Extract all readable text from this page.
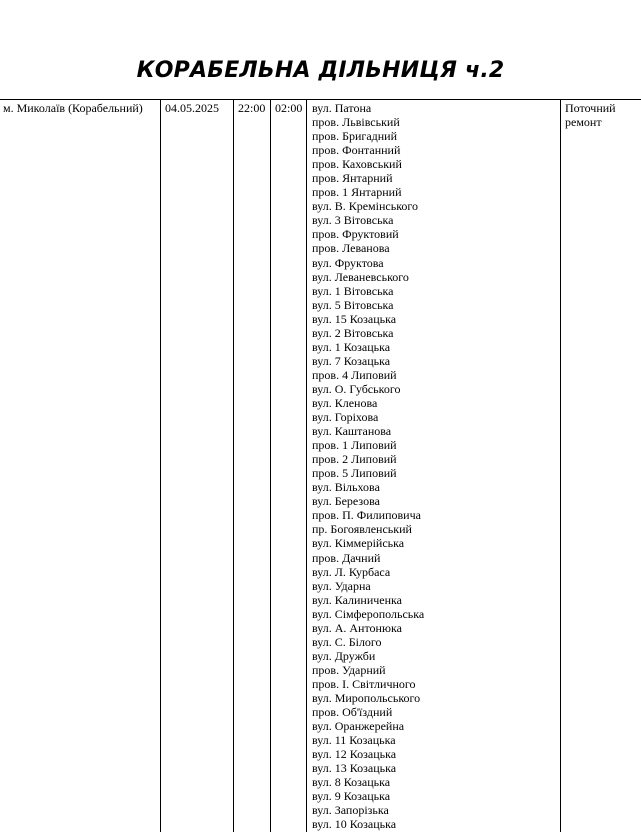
КОРАБЕЛЬНА ДІЛЬНИЦЯ ч.2
м. Миколаїв (Корабельний) 04.05.2025 22:00 02:00 вул. Патона
пров. Львівський
пров. Бригадний
пров. Фонтанний
пров. Каховський
пров. Янтарний
пров. 1 Янтарний
вул. В. Кремінського
вул. 3 Вітовська
пров. Фруктовий
пров. Леванова
вул. Фруктова
вул. Леваневського
вул. 1 Вітовська
вул. 5 Вітовська
вул. 15 Козацька
вул. 2 Вітовська
вул. 1 Козацька
вул. 7 Козацька
пров. 4 Липовий
вул. О. Губського
вул. Кленова
вул. Горіхова
вул. Каштанова
пров. 1 Липовий
пров. 2 Липовий
пров. 5 Липовий
вул. Вільхова
вул. Березова
пров. П. Филиповича
пр. Богоявленський
вул. Кіммерійська
пров. Дачний
вул. Л. Курбаса
вул. Ударна
вул. Калиниченка
вул. Сімферопольська
вул. А. Антонюка
вул. С. Білого
вул. Дружби
пров. Ударний
пров. І. Світличного
вул. Миропольського
пров. Об'їздний
вул. Оранжерейна
вул. 11 Козацька
вул. 12 Козацька
вул. 13 Козацька
вул. 8 Козацька
вул. 9 Козацька
вул. Запорізька
вул. 10 Козацька
Поточний ремонт
